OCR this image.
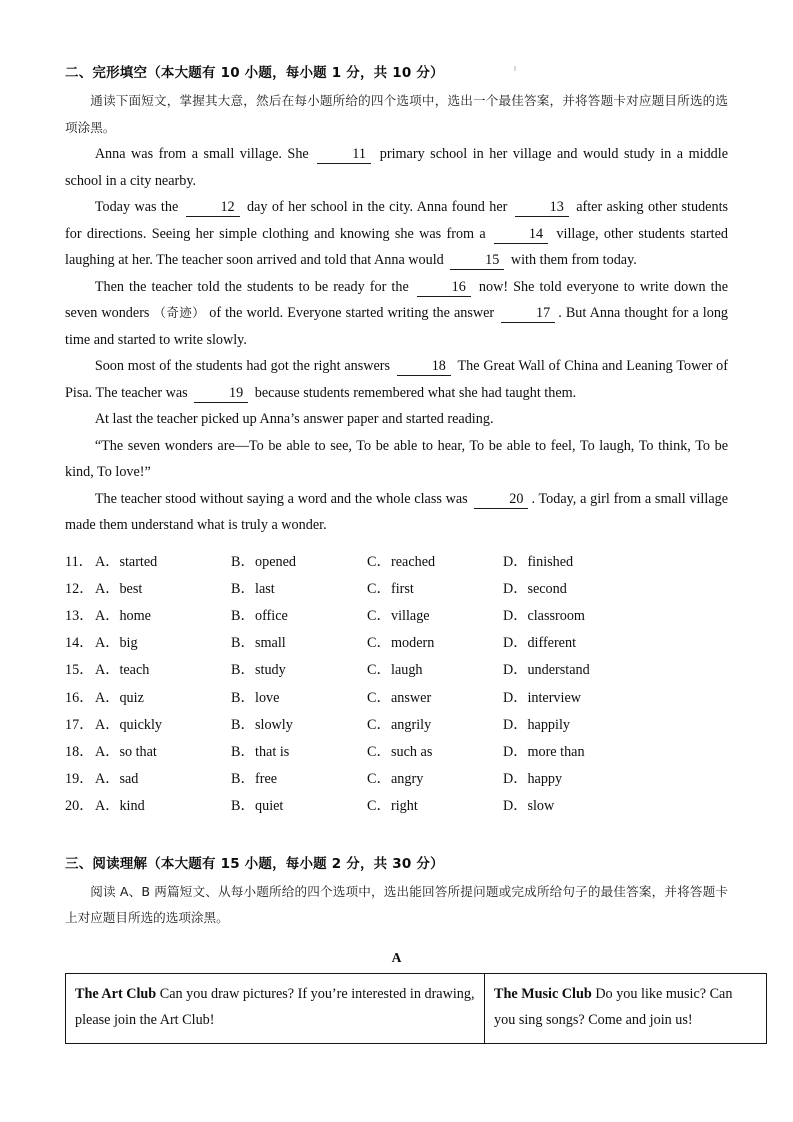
二、完形填空（本大题有 10 小题，每小题 1 分，共 10 分）

通读下面短文，掌握其大意，然后在每小题所给的四个选项中，选出一个最佳答案，并将答题卡对应题目所选的选项涂黑。

Anna was from a small village. She	11 primary school in her village and would study in a middle school in a city nearby.

Today was the	12 day of her school in the city. Anna found her	13 after asking other students for directions. Seeing her simple clothing and knowing she was from a	14 village, other students started laughing at her. The teacher soon arrived and told that Anna would	15 with them from today.

Then the teacher told the students to be ready for the	16 now! She told everyone to write down the seven wonders （奇迹） of the world. Everyone started writing the answer	17 . But Anna thought for a long time and started to write slowly.

Soon most of the students had got the right answers	18 The Great Wall of China and Leaning Tower of Pisa. The teacher was	19 because students remembered what she had taught them.

At last the teacher picked up Anna’s answer paper and started reading.

“The seven wonders are—To be able to see, To be able to hear, To be able to feel, To laugh, To think, To be kind, To love!”

The teacher stood without saying a word and the whole class was	20 . Today, a girl from a small village made them understand what is truly a wonder.

11． A． started	B． opened	C． reached	D． finished
12． A． best	B． last	C． first	D． second
13． A． home	B． office	C． village	D． classroom
14． A． big	B． small	C． modern	D． different
15． A． teach	B． study	C． laugh	D． understand
16． A． quiz	B． love	C． answer	D． interview
17． A． quickly	B． slowly	C． angrily	D． happily
18． A． so that	B． that is	C． such as	D． more than
19． A． sad	B． free	C． angry	D． happy
20． A． kind	B． quiet	C． right	D． slow
三、阅读理解（本大题有 15 小题，每小题 2 分，共 30 分）

阅读 A、B 两篇短文、从每小题所给的四个选项中，选出能回答所提问题或完成所给句子的最佳答案，并将答题卡上对应题目所选的选项涂黑。

A
The Art Club Can you draw pictures? If you’re interested in drawing, please join the Art Club!	The Music Club Do you like music? Can you sing songs? Come and join us!
